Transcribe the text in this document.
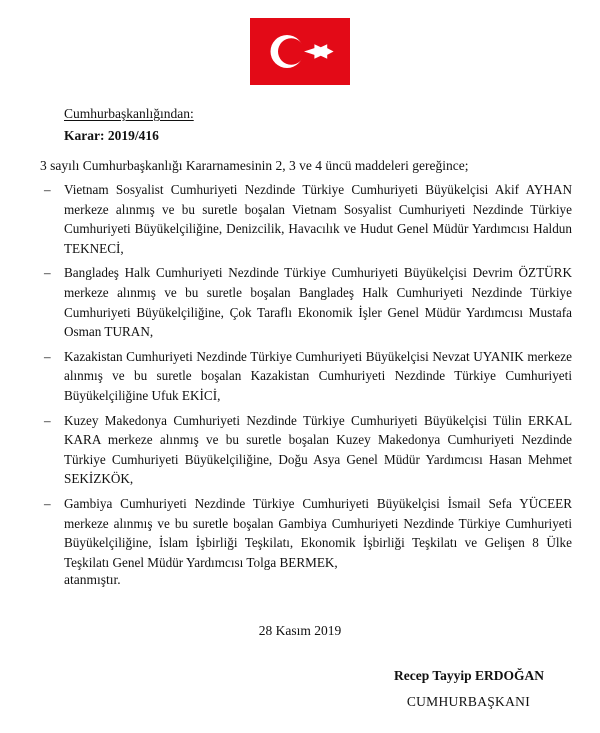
Cumhurbaşkanlığından:
Karar: 2019/416
3 sayılı Cumhurbaşkanlığı Kararnamesinin 2, 3 ve 4 üncü maddeleri gereğince;
– Vietnam Sosyalist Cumhuriyeti Nezdinde Türkiye Cumhuriyeti Büyükelçisi Akif AYHAN merkeze alınmış ve bu suretle boşalan Vietnam Sosyalist Cumhuriyeti Nezdinde Türkiye Cumhuriyeti Büyükelçiliğine, Denizcilik, Havacılık ve Hudut Genel Müdür Yardımcısı Haldun TEKNECİ,
– Bangladeş Halk Cumhuriyeti Nezdinde Türkiye Cumhuriyeti Büyükelçisi Devrim ÖZTÜRK merkeze alınmış ve bu suretle boşalan Bangladeş Halk Cumhuriyeti Nezdinde Türkiye Cumhuriyeti Büyükelçiliğine, Çok Taraflı Ekonomik İşler Genel Müdür Yardımcısı Mustafa Osman TURAN,
– Kazakistan Cumhuriyeti Nezdinde Türkiye Cumhuriyeti Büyükelçisi Nevzat UYANIK merkeze alınmış ve bu suretle boşalan Kazakistan Cumhuriyeti Nezdinde Türkiye Cumhuriyeti Büyükelçiliğine Ufuk EKİCİ,
– Kuzey Makedonya Cumhuriyeti Nezdinde Türkiye Cumhuriyeti Büyükelçisi Tülin ERKAL KARA merkeze alınmış ve bu suretle boşalan Kuzey Makedonya Cumhuriyeti Nezdinde Türkiye Cumhuriyeti Büyükelçiliğine, Doğu Asya Genel Müdür Yardımcısı Hasan Mehmet SEKİZKÖK,
– Gambiya Cumhuriyeti Nezdinde Türkiye Cumhuriyeti Büyükelçisi İsmail Sefa YÜCEER merkeze alınmış ve bu suretle boşalan Gambiya Cumhuriyeti Nezdinde Türkiye Cumhuriyeti Büyükelçiliğine, İslam İşbirliği Teşkilatı, Ekonomik İşbirliği Teşkilatı ve Gelişen 8 Ülke Teşkilatı Genel Müdür Yardımcısı Tolga BERMEK,
atanmıştır.
28 Kasım 2019
Recep Tayyip ERDOĞAN
CUMHURBAŞKANI
